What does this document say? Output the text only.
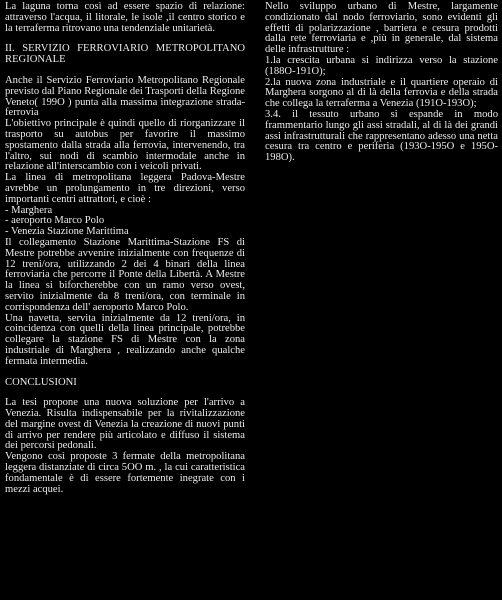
La laguna torna così ad essere spazio di relazione: attraverso l'acqua, il litorale, le isole ,il centro storico e la terraferma ritrovano una tendenziale unitarietà.

II. SERVIZIO FERROVIARIO METROPOLITANO REGIONALE

Anche il Servizio Ferroviario Metropolitano Regionale previsto dal Piano Regionale dei Trasporti della Regione Veneto( 199O ) punta alla massima integrazione strada-ferrovia

L'obiettivo principale è quindi quello di riorganizzare il trasporto su autobus per favorire il massimo spostamento dalla strada alla ferrovia, intervenendo, tra l'altro, sui nodi di scambio intermodale anche in relazione all'interscambio con i veicoli privati.

La linea di metropolitana leggera Padova-Mestre avrebbe un prolungamento in tre direzioni, verso importanti centri attrattori, e cioè :

- Marghera
- aeroporto Marco Polo
- Venezia Stazione Marittima

Il collegamento Stazione Marittima-Stazione FS di Mestre potrebbe avvenire inizialmente con frequenze di 12 treni/ora, utilizzando 2 dei 4 binari della linea ferroviaria che percorre il Ponte della Libertà. A Mestre la linea si biforcherebbe con un ramo verso ovest, servito inizialmente da 8 treni/ora, con terminale in corrispondenza dell' aeroporto Marco Polo.

Una navetta, servita inizialmente da 12 treni/ora, in coincidenza con quelli della linea principale, potrebbe collegare la stazione FS di Mestre con la zona industriale di Marghera , realizzando anche qualche fermata intermedia.

CONCLUSIONI

La tesi propone una nuova soluzione per l'arrivo a Venezia. Risulta indispensabile per la rivitalizzazione del margine ovest di Venezia la creazione di nuovi punti di arrivo per rendere più articolato e diffuso il sistema dei percorsi pedonali.

Vengono così proposte 3 fermate della metropolitana leggera distanziate di circa 5OO m. , la cui caratteristica fondamentale è di essere fortemente inegrate con i mezzi acquei.

Nello sviluppo urbano di Mestre, largamente condizionato dal nodo ferroviario, sono evidenti gli effetti di polarizzazione , barriera e cesura prodotti dalla rete ferroviaria e ,più in generale, dal sistema delle infrastrutture :

1.la crescita urbana si indirizza verso la stazione (188O-191O);

2.la nuova zona industriale e il quartiere operaio di Marghera sorgono al di là della ferrovia e della strada che collega la terraferma a Venezia (191O-193O);

3.4. il tessuto urbano si espande in modo frammentario lungo gli assi stradali, al di là dei grandi assi infrastrutturali che rappresentano adesso una netta cesura tra centro e periferia (193O-195O e 195O-198O).
